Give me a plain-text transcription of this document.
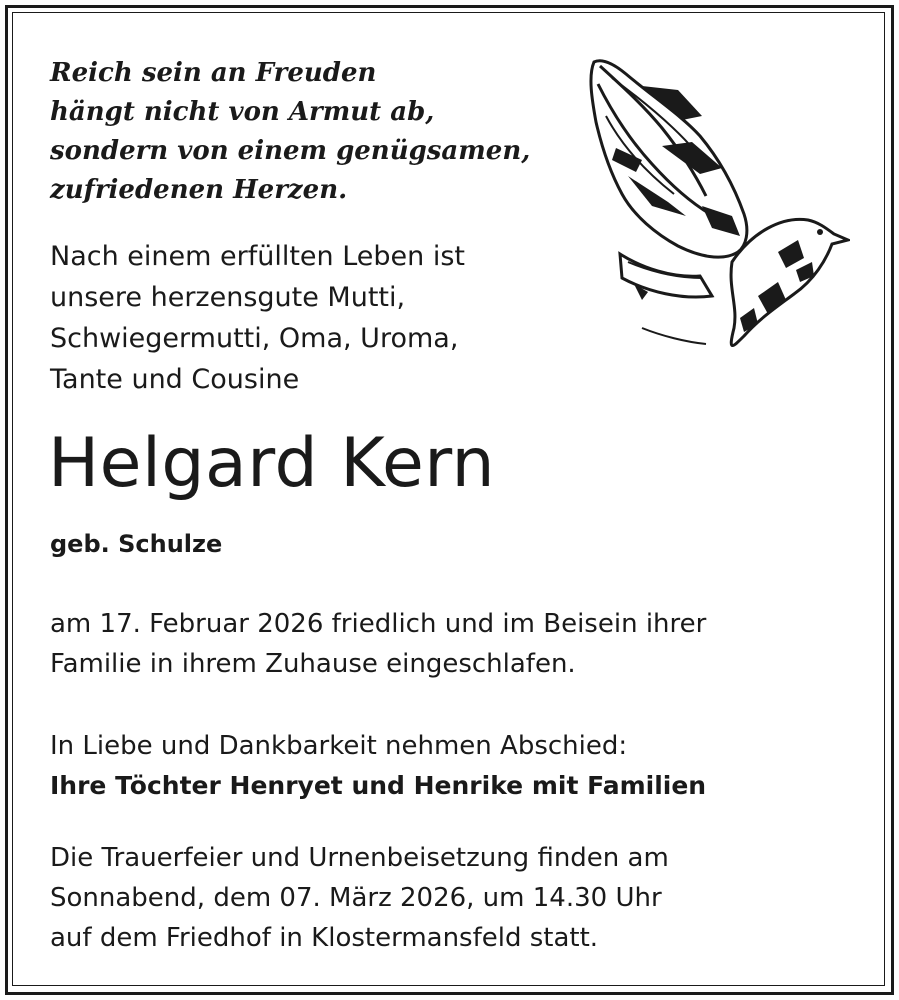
Reich sein an Freuden
hängt nicht von Armut ab,
sondern von einem genügsamen,
zufriedenen Herzen.
Nach einem erfüllten Leben ist
unsere herzensgute Mutti,
Schwiegermutti, Oma, Uroma,
Tante und Cousine
Helgard Kern
geb. Schulze
am 17. Februar 2026 friedlich und im Beisein ihrer
Familie in ihrem Zuhause eingeschlafen.
In Liebe und Dankbarkeit nehmen Abschied:
Ihre Töchter Henryet und Henrike mit Familien
Die Trauerfeier und Urnenbeisetzung finden am
Sonnabend, dem 07. März 2026, um 14.30 Uhr
auf dem Friedhof in Klostermansfeld statt.
